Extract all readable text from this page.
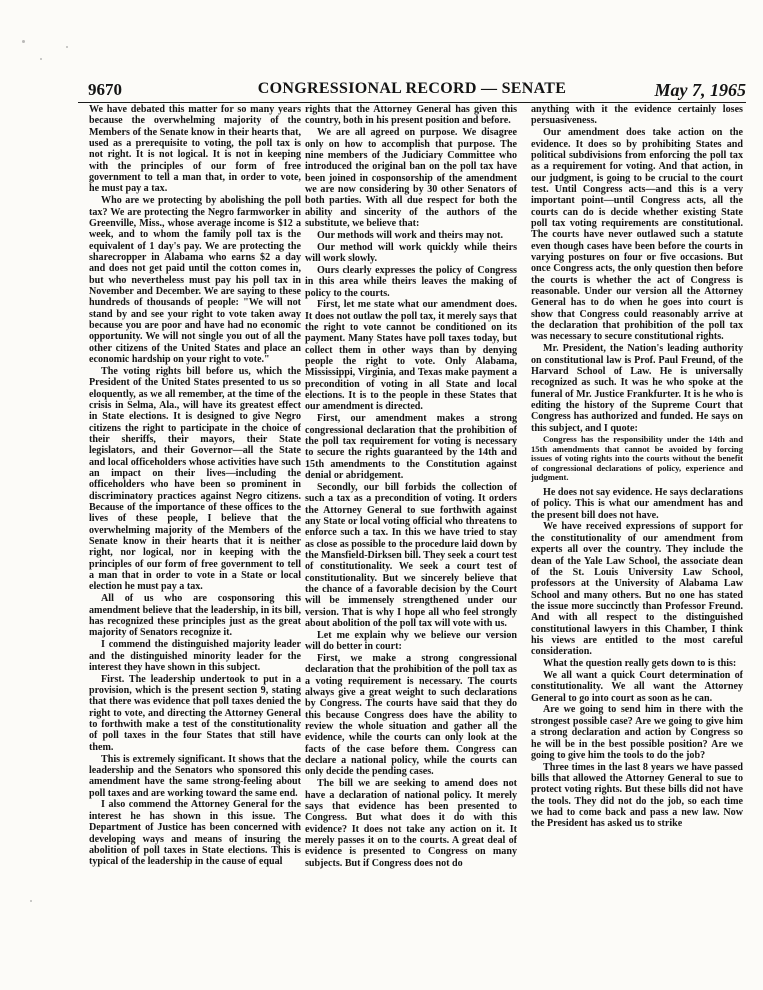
9670	CONGRESSIONAL RECORD — SENATE	May 7, 1965

We have debated this matter for so many years because the overwhelming majority of the Members of the Senate know in their hearts that, used as a prerequisite to voting, the poll tax is not right. It is not logical. It is not in keeping with the principles of our form of free government to tell a man that, in order to vote, he must pay a tax.

Who are we protecting by abolishing the poll tax? We are protecting the Negro farmworker in Greenville, Miss., whose average income is $12 a week, and to whom the family poll tax is the equivalent of 1 day's pay. We are protecting the sharecropper in Alabama who earns $2 a day and does not get paid until the cotton comes in, but who nevertheless must pay his poll tax in November and December. We are saying to these hundreds of thousands of people: "We will not stand by and see your right to vote taken away because you are poor and have had no economic opportunity. We will not single you out of all the other citizens of the United States and place an economic hardship on your right to vote."

The voting rights bill before us, which the President of the United States presented to us so eloquently, as we all remember, at the time of the crisis in Selma, Ala., will have its greatest effect in State elections. It is designed to give Negro citizens the right to participate in the choice of their sheriffs, their mayors, their State legislators, and their Governor—all the State and local officeholders whose activities have such an impact on their lives—including the officeholders who have been so prominent in discriminatory practices against Negro citizens. Because of the importance of these offices to the lives of these people, I believe that the overwhelming majority of the Members of the Senate know in their hearts that it is neither right, nor logical, nor in keeping with the principles of our form of free government to tell a man that in order to vote in a State or local election he must pay a tax.

All of us who are cosponsoring this amendment believe that the leadership, in its bill, has recognized these principles just as the great majority of Senators recognize it.

I commend the distinguished majority leader and the distinguished minority leader for the interest they have shown in this subject.

First. The leadership undertook to put in a provision, which is the present section 9, stating that there was evidence that poll taxes denied the right to vote, and directing the Attorney General to forthwith make a test of the constitutionality of poll taxes in the four States that still have them.

This is extremely significant. It shows that the leadership and the Senators who sponsored this amendment have the same strong-feeling about poll taxes and are working toward the same end.

I also commend the Attorney General for the interest he has shown in this issue. The Department of Justice has been concerned with developing ways and means of insuring the abolition of poll taxes in State elections. This is typical of the leadership in the cause of equal

rights that the Attorney General has given this country, both in his present position and before.

We are all agreed on purpose. We disagree only on how to accomplish that purpose. The nine members of the Judiciary Committee who introduced the original ban on the poll tax have been joined in cosponsorship of the amendment we are now considering by 30 other Senators of both parties. With all due respect for both the ability and sincerity of the authors of the substitute, we believe that:

Our methods will work and theirs may not.

Our method will work quickly while theirs will work slowly.

Ours clearly expresses the policy of Congress in this area while theirs leaves the making of policy to the courts.

First, let me state what our amendment does. It does not outlaw the poll tax, it merely says that the right to vote cannot be conditioned on its payment. Many States have poll taxes today, but collect them in other ways than by denying people the right to vote. Only Alabama, Mississippi, Virginia, and Texas make payment a precondition of voting in all State and local elections. It is to the people in these States that our amendment is directed.

First, our amendment makes a strong congressional declaration that the prohibition of the poll tax requirement for voting is necessary to secure the rights guaranteed by the 14th and 15th amendments to the Constitution against denial or abridgement.

Secondly, our bill forbids the collection of such a tax as a precondition of voting. It orders the Attorney General to sue forthwith against any State or local voting official who threatens to enforce such a tax. In this we have tried to stay as close as possible to the procedure laid down by the Mansfield-Dirksen bill. They seek a court test of constitutionality. We seek a court test of constitutionality. But we sincerely believe that the chance of a favorable decision by the Court will be immensely strengthened under our version. That is why I hope all who feel strongly about abolition of the poll tax will vote with us.

Let me explain why we believe our version will do better in court:

First, we make a strong congressional declaration that the prohibition of the poll tax as a voting requirement is necessary. The courts always give a great weight to such declarations by Congress. The courts have said that they do this because Congress does have the ability to review the whole situation and gather all the evidence, while the courts can only look at the facts of the case before them. Congress can declare a national policy, while the courts can only decide the pending cases.

The bill we are seeking to amend does not have a declaration of national policy. It merely says that evidence has been presented to Congress. But what does it do with this evidence? It does not take any action on it. It merely passes it on to the courts. A great deal of evidence is presented to Congress on many subjects. But if Congress does not do

anything with it the evidence certainly loses persuasiveness.

Our amendment does take action on the evidence. It does so by prohibiting States and political subdivisions from enforcing the poll tax as a requirement for voting. And that action, in our judgment, is going to be crucial to the court test. Until Congress acts—and this is a very important point—until Congress acts, all the courts can do is decide whether existing State poll tax voting requirements are constitutional. The courts have never outlawed such a statute even though cases have been before the courts in varying postures on four or five occasions. But once Congress acts, the only question then before the courts is whether the act of Congress is reasonable. Under our version all the Attorney General has to do when he goes into court is show that Congress could reasonably arrive at the declaration that prohibition of the poll tax was necessary to secure constitutional rights.

Mr. President, the Nation's leading authority on constitutional law is Prof. Paul Freund, of the Harvard School of Law. He is universally recognized as such. It was he who spoke at the funeral of Mr. Justice Frankfurter. It is he who is editing the history of the Supreme Court that Congress has authorized and funded. He says on this subject, and I quote:

Congress has the responsibility under the 14th and 15th amendments that cannot be avoided by forcing issues of voting rights into the courts without the benefit of congressional declarations of policy, experience and judgment.

He does not say evidence. He says declarations of policy. This is what our amendment has and the present bill does not have.

We have received expressions of support for the constitutionality of our amendment from experts all over the country. They include the dean of the Yale Law School, the associate dean of the St. Louis University Law School, professors at the University of Alabama Law School and many others. But no one has stated the issue more succinctly than Professor Freund. And with all respect to the distinguished constitutional lawyers in this Chamber, I think his views are entitled to the most careful consideration.

What the question really gets down to is this:

We all want a quick Court determination of constitutionality. We all want the Attorney General to go into court as soon as he can.

Are we going to send him in there with the strongest possible case? Are we going to give him a strong declaration and action by Congress so he will be in the best possible position? Are we going to give him the tools to do the job?

Three times in the last 8 years we have passed bills that allowed the Attorney General to sue to protect voting rights. But these bills did not have the tools. They did not do the job, so each time we had to come back and pass a new law. Now the President has asked us to strike
